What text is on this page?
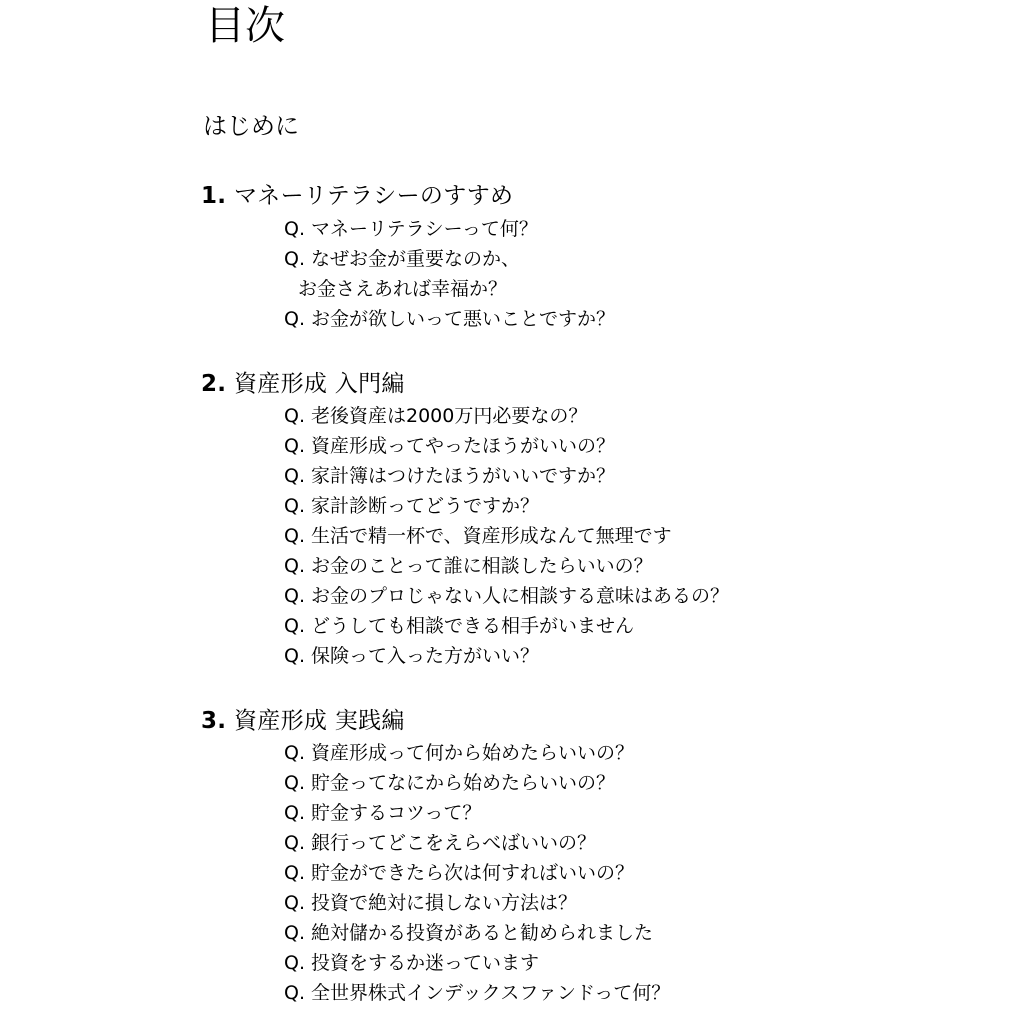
目次
はじめに
1. マネーリテラシーのすすめ
Q. マネーリテラシーって何？
Q. なぜお金が重要なのか、
お金さえあれば幸福か？
Q. お金が欲しいって悪いことですか？
2. 資産形成 入門編
Q. 老後資産は2000万円必要なの？
Q. 資産形成ってやったほうがいいの？
Q. 家計簿はつけたほうがいいですか？
Q. 家計診断ってどうですか？
Q. 生活で精一杯で、資産形成なんて無理です
Q. お金のことって誰に相談したらいいの？
Q. お金のプロじゃない人に相談する意味はあるの？
Q. どうしても相談できる相手がいません
Q. 保険って入った方がいい？
3. 資産形成 実践編
Q. 資産形成って何から始めたらいいの？
Q. 貯金ってなにから始めたらいいの？
Q. 貯金するコツって？
Q. 銀行ってどこをえらべばいいの？
Q. 貯金ができたら次は何すればいいの？
Q. 投資で絶対に損しない方法は？
Q. 絶対儲かる投資があると勧められました
Q. 投資をするか迷っています
Q. 全世界株式インデックスファンドって何？
